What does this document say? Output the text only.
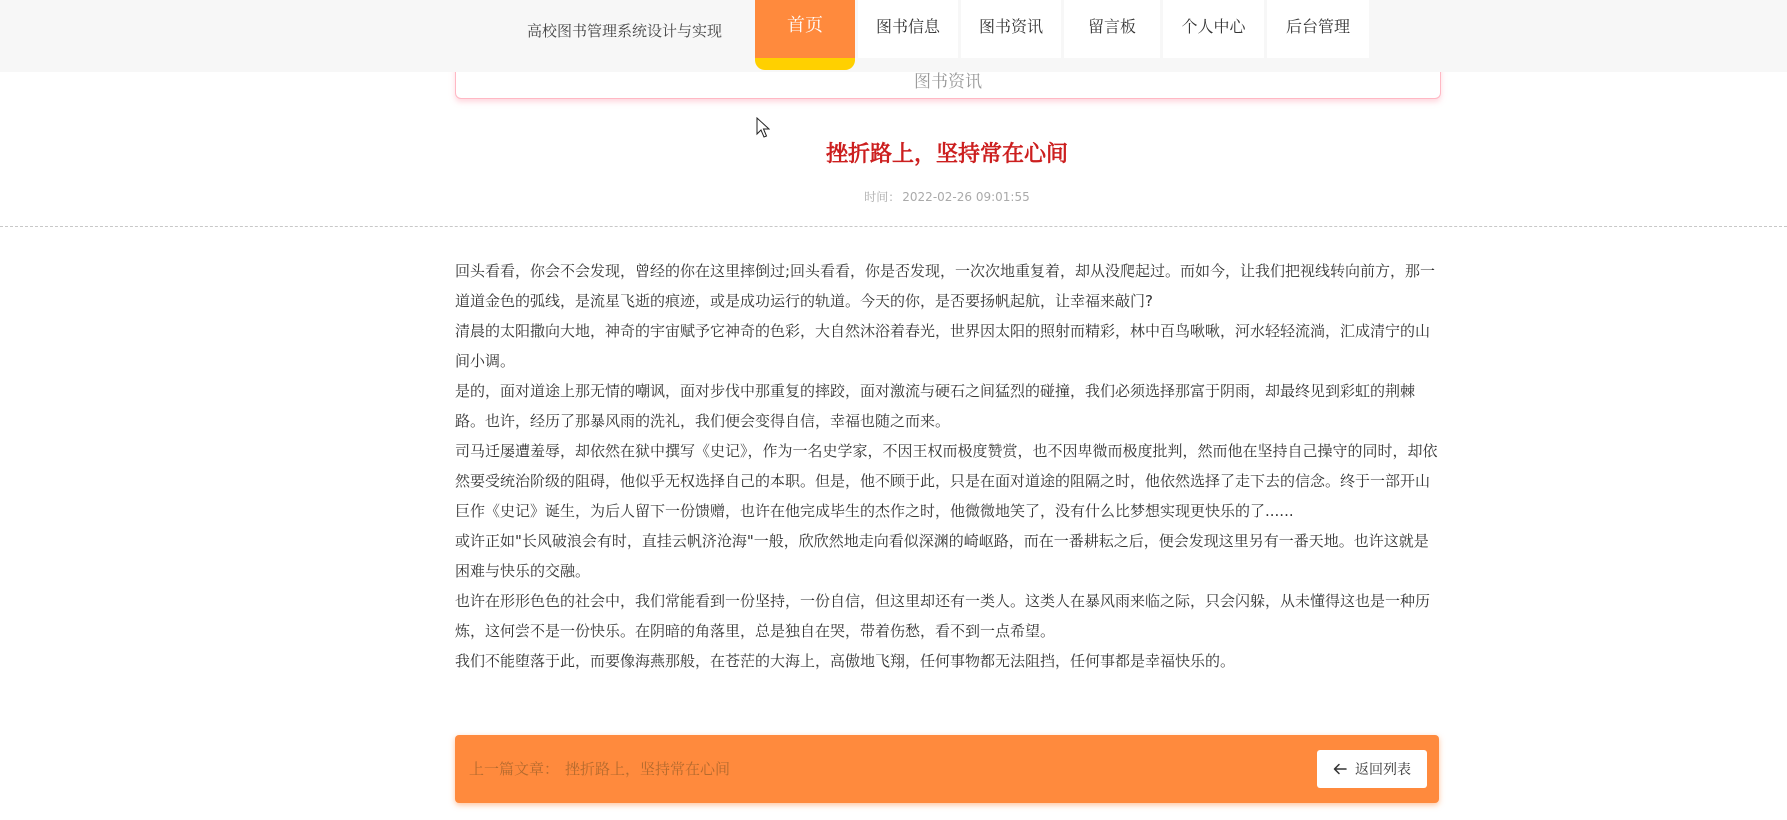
高校图书管理系统设计与实现	首页	图书信息	图书资讯	留言板	个人中心	后台管理
图书资讯
挫折路上，坚持常在心间
时间： 2022-02-26 09:01:55

回头看看，你会不会发现，曾经的你在这里摔倒过;回头看看，你是否发现，一次次地重复着，却从没爬起过。而如今，让我们把视线转向前方，那一道道金色的弧线，是流星飞逝的痕迹，或是成功运行的轨道。今天的你，是否要扬帆起航，让幸福来敲门?

清晨的太阳撒向大地，神奇的宇宙赋予它神奇的色彩，大自然沐浴着春光，世界因太阳的照射而精彩，林中百鸟啾啾，河水轻轻流淌，汇成清宁的山间小调。

是的，面对道途上那无情的嘲讽，面对步伐中那重复的摔跤，面对激流与硬石之间猛烈的碰撞，我们必须选择那富于阴雨，却最终见到彩虹的荆棘路。也许，经历了那暴风雨的洗礼，我们便会变得自信，幸福也随之而来。

司马迁屡遭羞辱，却依然在狱中撰写《史记》，作为一名史学家，不因王权而极度赞赏，也不因卑微而极度批判，然而他在坚持自己操守的同时，却依然要受统治阶级的阻碍，他似乎无权选择自己的本职。但是，他不顾于此，只是在面对道途的阻隔之时，他依然选择了走下去的信念。终于一部开山巨作《史记》诞生，为后人留下一份馈赠，也许在他完成毕生的杰作之时，他微微地笑了，没有什么比梦想实现更快乐的了......

或许正如"长风破浪会有时，直挂云帆济沧海"一般，欣欣然地走向看似深渊的崎岖路，而在一番耕耘之后，便会发现这里另有一番天地。也许这就是困难与快乐的交融。

也许在形形色色的社会中，我们常能看到一份坚持，一份自信，但这里却还有一类人。这类人在暴风雨来临之际，只会闪躲，从未懂得这也是一种历炼，这何尝不是一份快乐。在阴暗的角落里，总是独自在哭，带着伤愁，看不到一点希望。

我们不能堕落于此，而要像海燕那般，在苍茫的大海上，高傲地飞翔，任何事物都无法阻挡，任何事都是幸福快乐的。

上一篇文章： 挫折路上，坚持常在心间	返回列表
